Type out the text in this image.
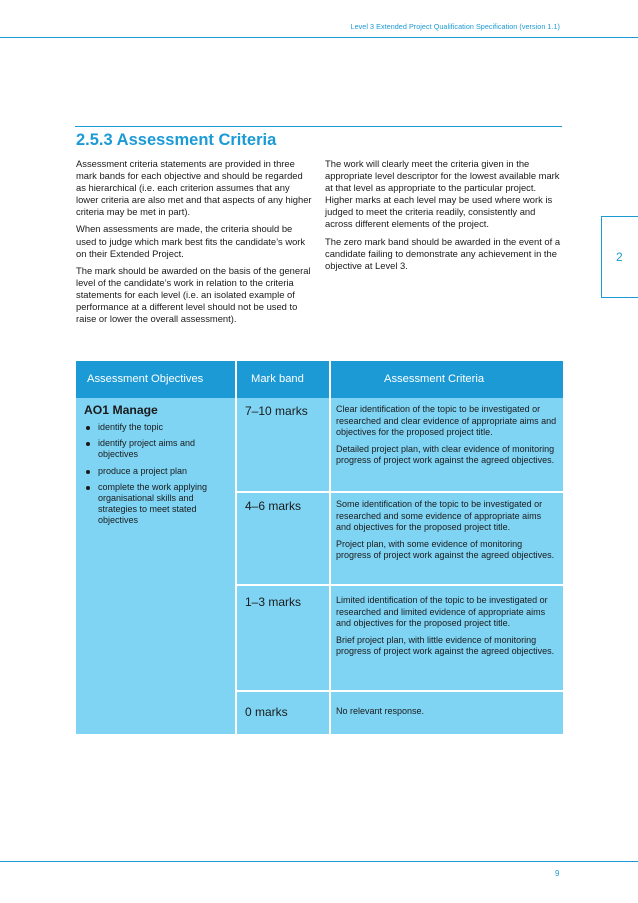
Level 3 Extended Project Qualification Specification (version 1.1)
2.5.3 Assessment Criteria

Assessment criteria statements are provided in three mark bands for each objective and should be regarded as hierarchical (i.e. each criterion assumes that any lower criteria are also met and that aspects of any higher criteria may be met in part).

When assessments are made, the criteria should be used to judge which mark best fits the candidate’s work on their Extended Project.

The mark should be awarded on the basis of the general level of the candidate’s work in relation to the criteria statements for each level (i.e. an isolated example of performance at a different level should not be used to raise or lower the overall assessment).

The work will clearly meet the criteria given in the appropriate level descriptor for the lowest available mark at that level as appropriate to the particular project. Higher marks at each level may be used where work is judged to meet the criteria readily, consistently and across different elements of the project.

The zero mark band should be awarded in the event of a candidate failing to demonstrate any achievement in the objective at Level 3.

2
Assessment Objectives	Mark band	Assessment Criteria
AO1 Manage
identify the topic
identify project aims and objectives
produce a project plan
complete the work applying organisational skills and strategies to meet stated objectives
7–10 marks	Clear identification of the topic to be investigated or researched and clear evidence of appropriate aims and objectives for the proposed project title.

Detailed project plan, with clear evidence of monitoring progress of project work against the agreed objectives.

4–6 marks	Some identification of the topic to be investigated or researched and some evidence of appropriate aims and objectives for the proposed project title.

Project plan, with some evidence of monitoring progress of project work against the agreed objectives.

1–3 marks	Limited identification of the topic to be investigated or researched and limited evidence of appropriate aims and objectives for the proposed project title.

Brief project plan, with little evidence of monitoring progress of project work against the agreed objectives.

0 marks	No relevant response.

9
